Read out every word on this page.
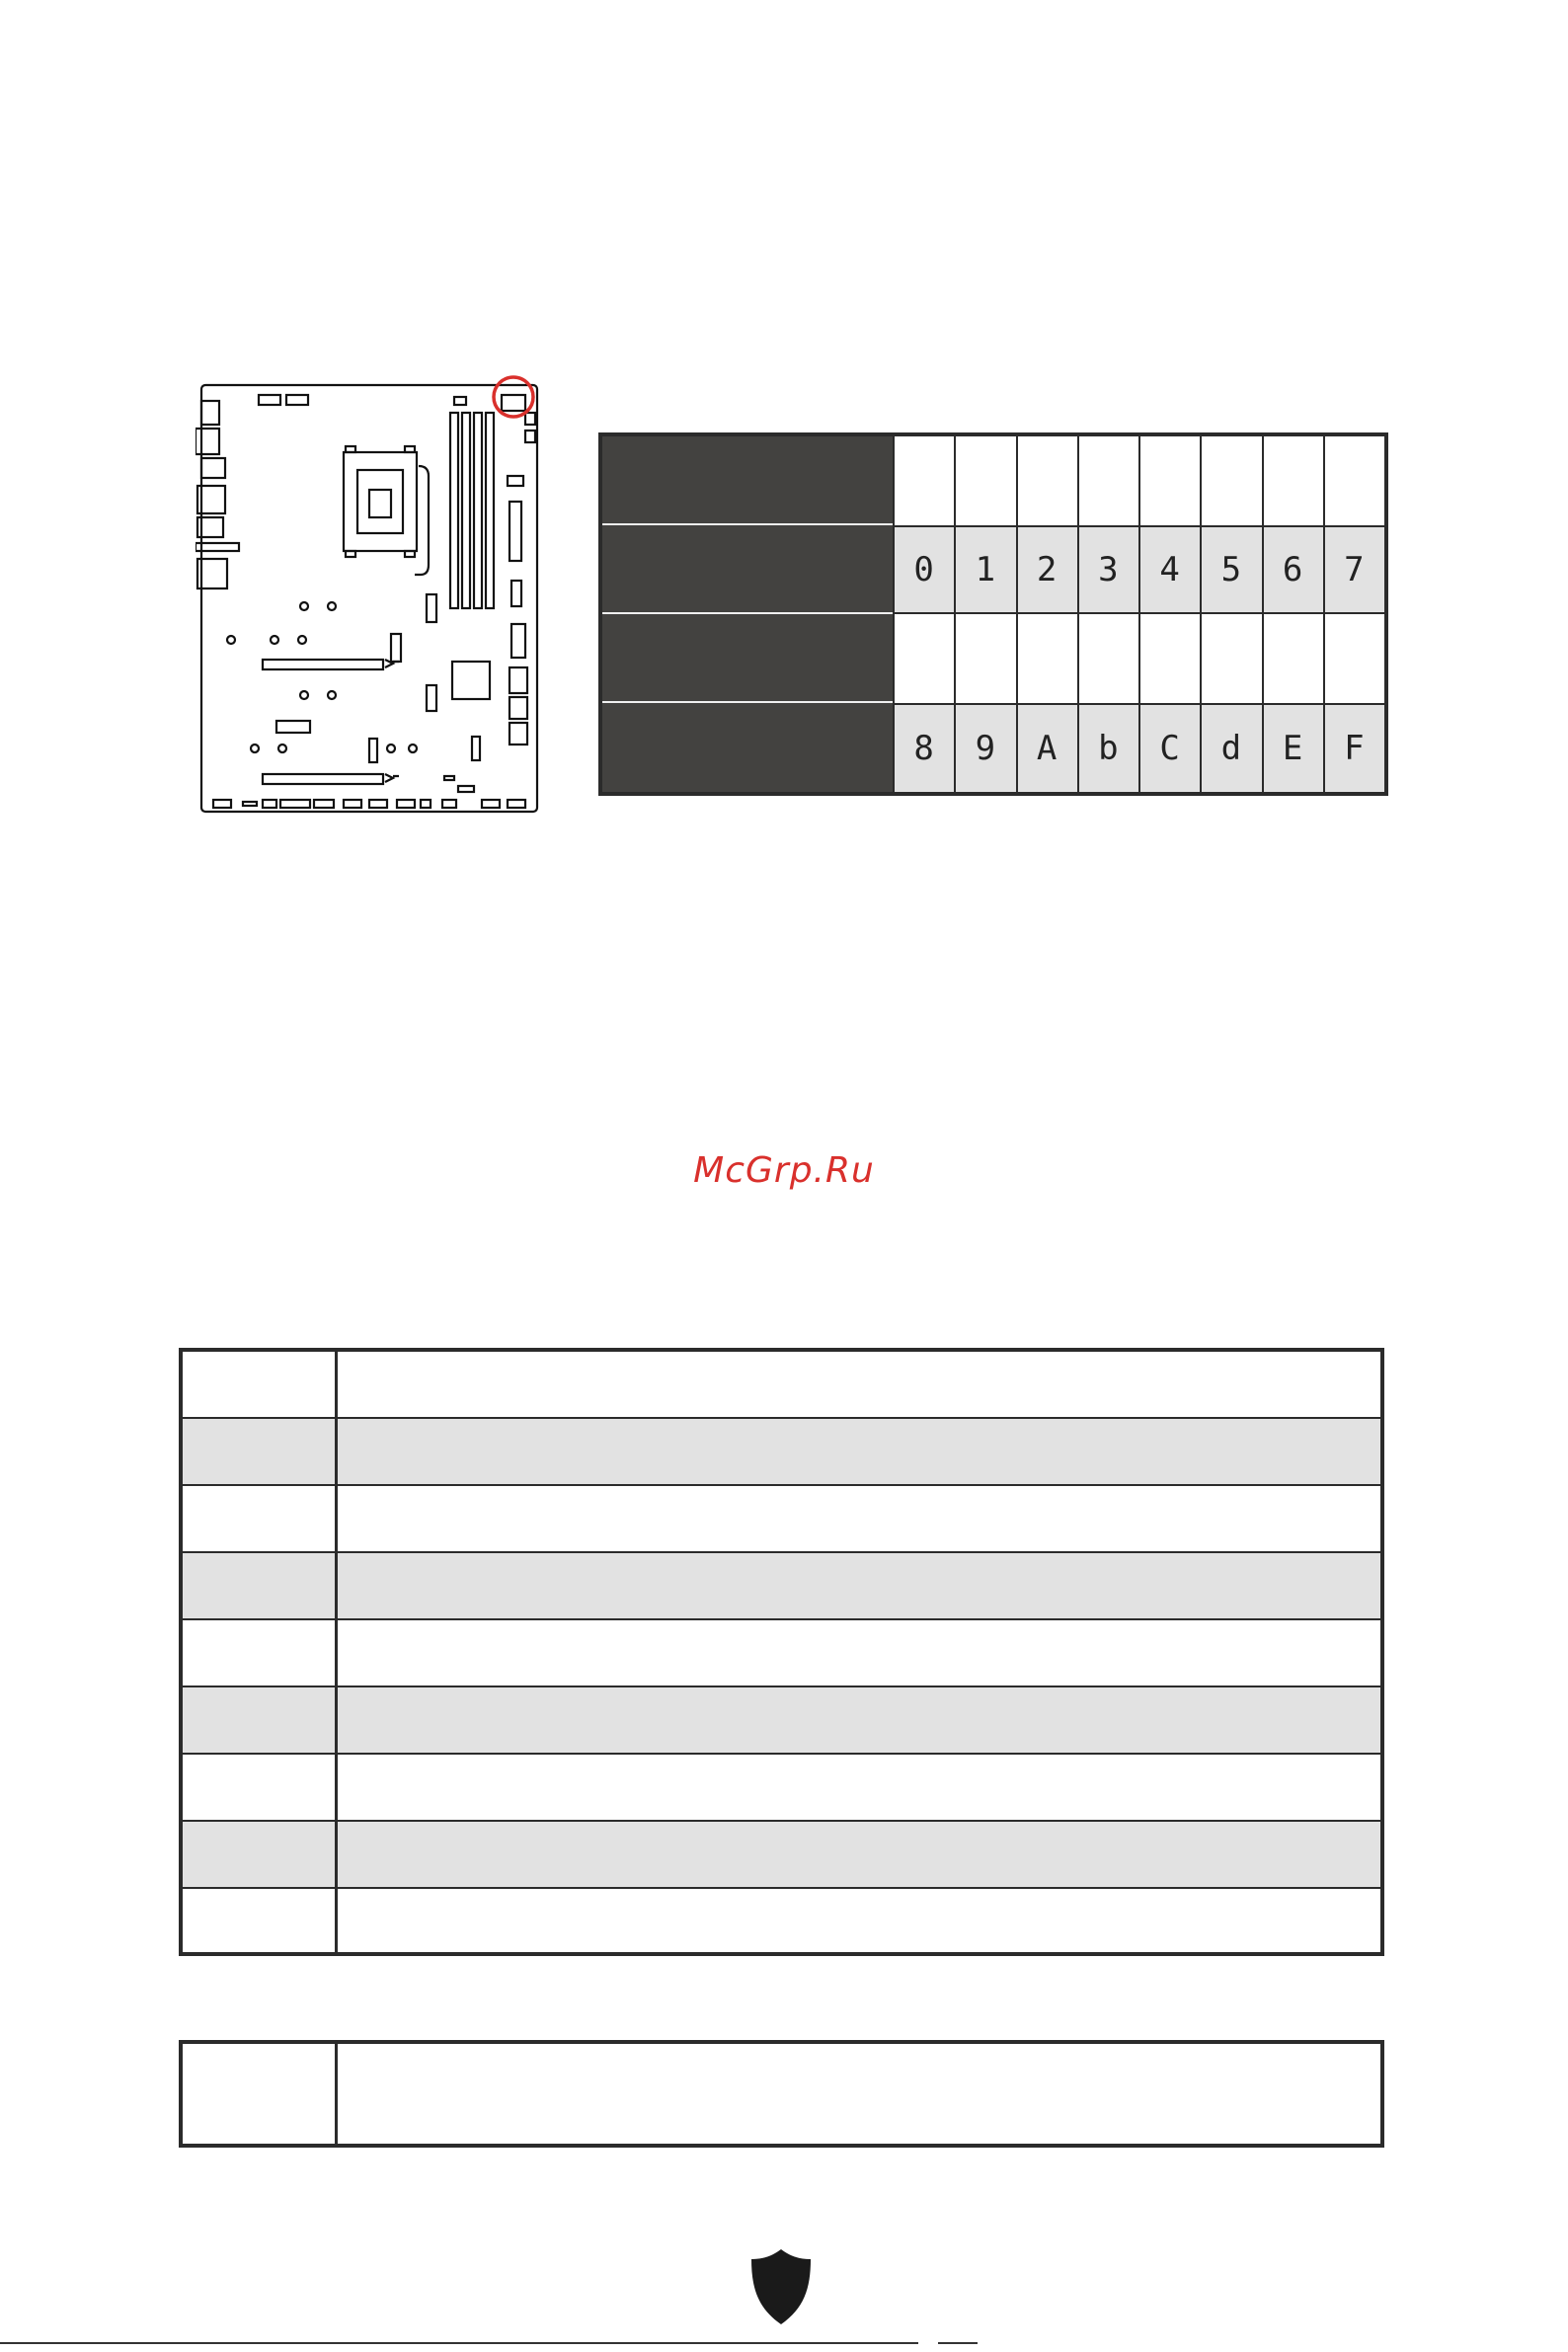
0	1	2	3	4	5	6	7
8	9	A	b	C	d	E	F
McGrp.Ru
